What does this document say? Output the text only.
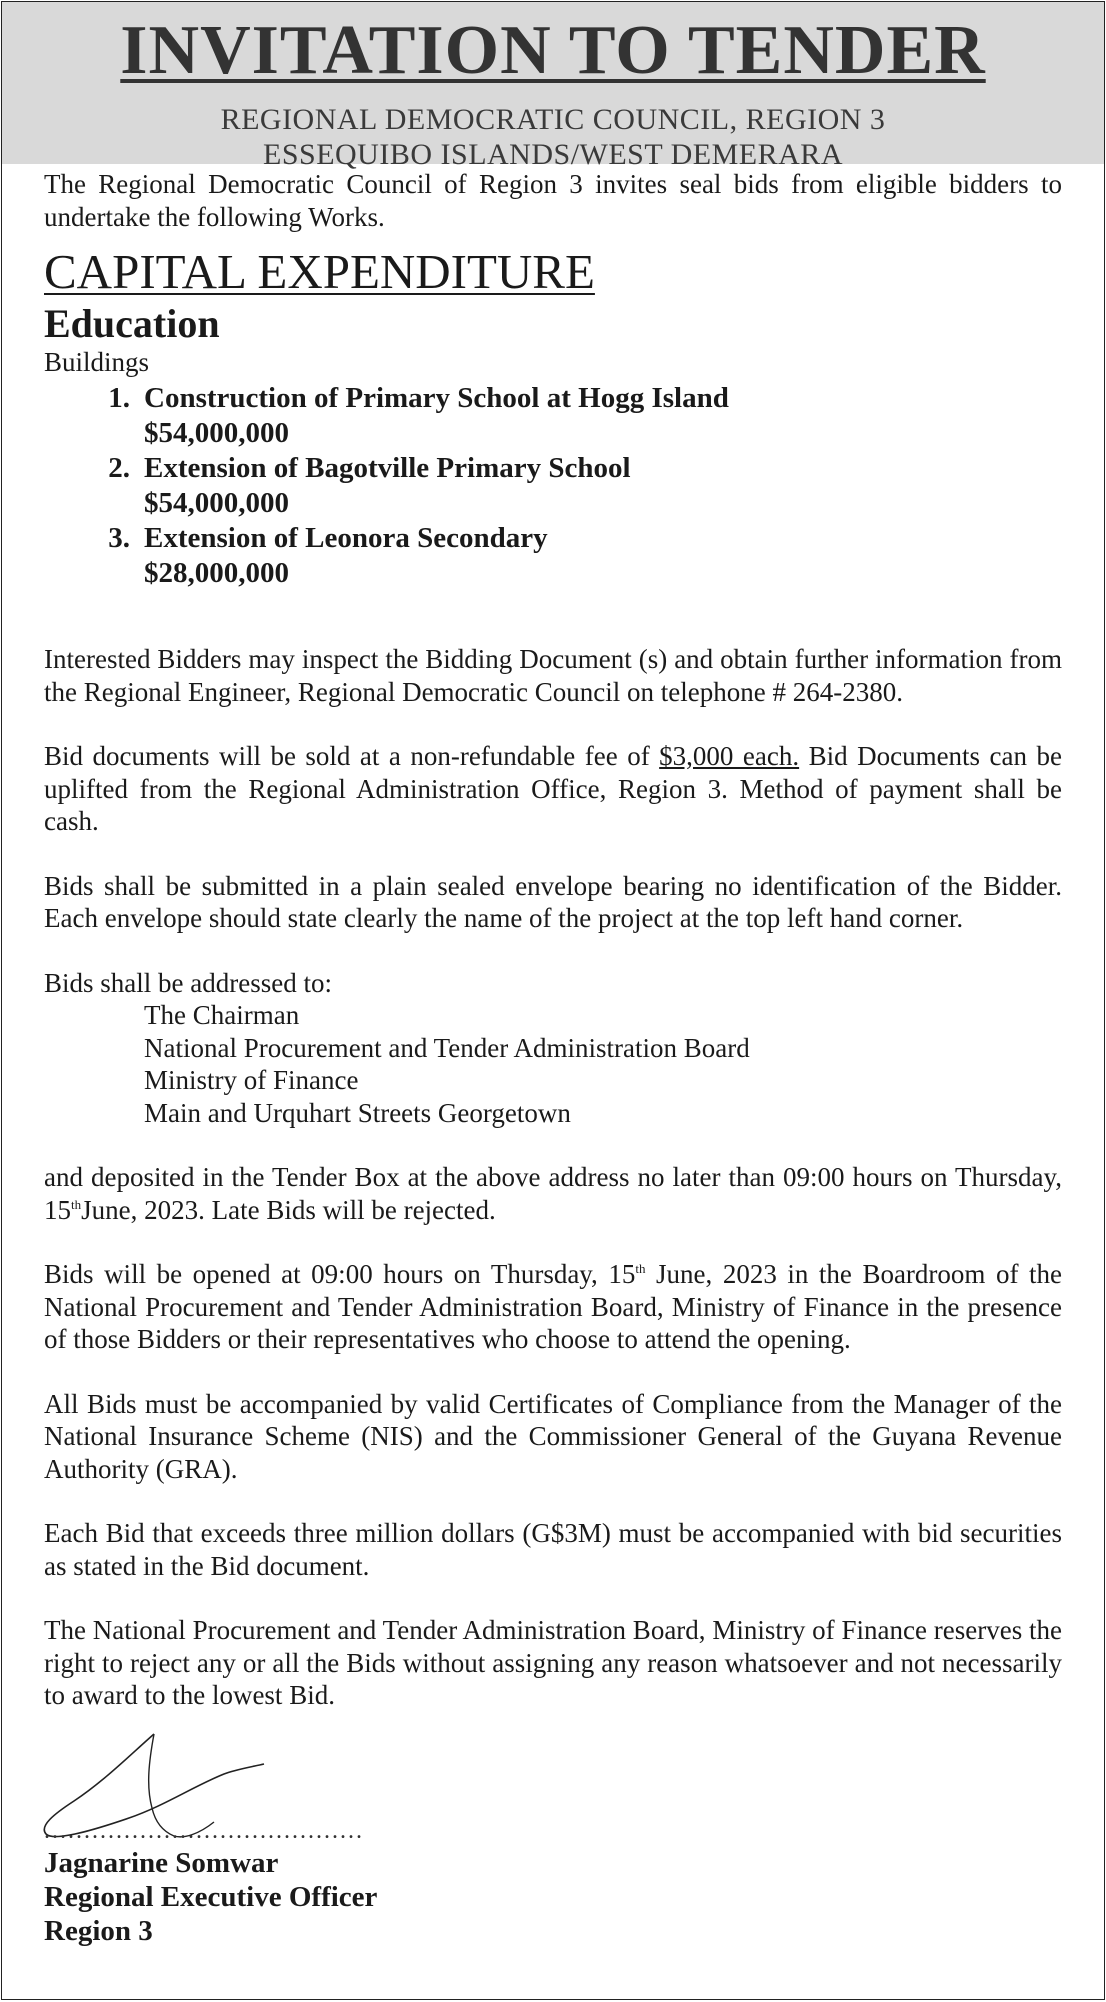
INVITATION TO TENDER
REGIONAL DEMOCRATIC COUNCIL, REGION 3
ESSEQUIBO ISLANDS/WEST DEMERARA

The Regional Democratic Council of Region 3 invites seal bids from eligible bidders to undertake the following Works.

CAPITAL EXPENDITURE
Education
Buildings
1. Construction of Primary School at Hogg Island
$54,000,000
2. Extension of Bagotville Primary School
$54,000,000
3. Extension of Leonora Secondary
$28,000,000

Interested Bidders may inspect the Bidding Document (s) and obtain further information from the Regional Engineer, Regional Democratic Council on telephone # 264-2380.

Bid documents will be sold at a non-refundable fee of $3,000 each. Bid Documents can be uplifted from the Regional Administration Office, Region 3. Method of payment shall be cash.

Bids shall be submitted in a plain sealed envelope bearing no identification of the Bidder. Each envelope should state clearly the name of the project at the top left hand corner.

Bids shall be addressed to:
The Chairman
National Procurement and Tender Administration Board
Ministry of Finance
Main and Urquhart Streets Georgetown

and deposited in the Tender Box at the above address no later than 09:00 hours on Thursday, 15thJune, 2023. Late Bids will be rejected.

Bids will be opened at 09:00 hours on Thursday, 15th June, 2023 in the Boardroom of the National Procurement and Tender Administration Board, Ministry of Finance in the presence of those Bidders or their representatives who choose to attend the opening.

All Bids must be accompanied by valid Certificates of Compliance from the Manager of the National Insurance Scheme (NIS) and the Commissioner General of the Guyana Revenue Authority (GRA).

Each Bid that exceeds three million dollars (G$3M) must be accompanied with bid securities as stated in the Bid document.

The National Procurement and Tender Administration Board, Ministry of Finance reserves the right to reject any or all the Bids without assigning any reason whatsoever and not necessarily to award to the lowest Bid.

........................................
Jagnarine Somwar
Regional Executive Officer
Region 3
